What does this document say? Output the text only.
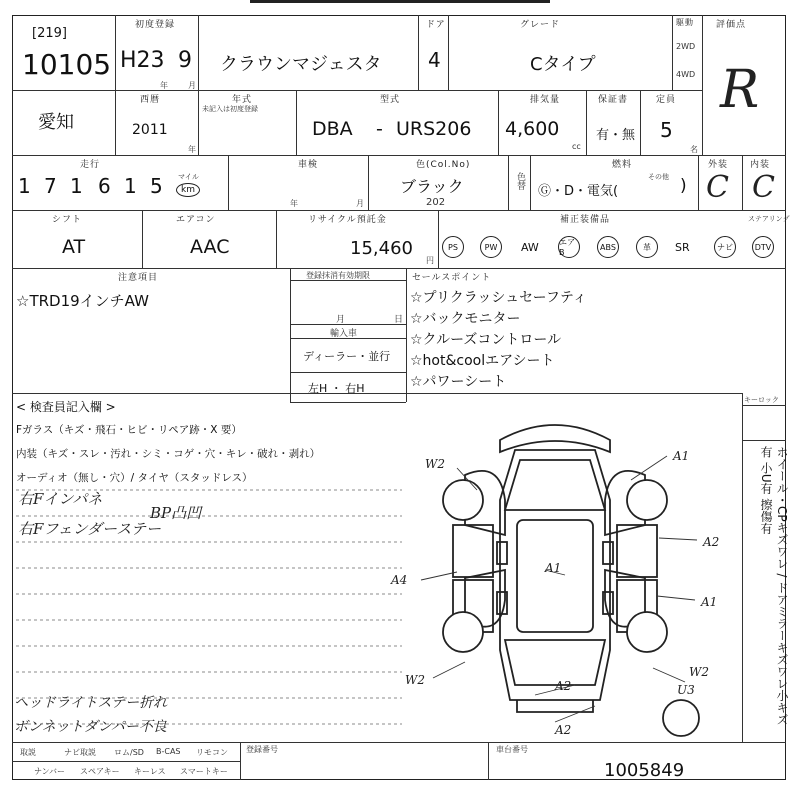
[219]
10105
初度登録
H23 9
年	月
クラウンマジェスタ
ドア
4
グレード
Cタイプ
駆動
2WD
4WD
評価点
R
愛知
西暦
2011
年
年式
未記入は初度登録
型式
DBA - URS206
排気量
4,600
cc
保証書
有・無
定員
5
名
走行
1 7 1 6 1 5 マイル
km
車検
年	月
色(Col.No)
ブラック
202
色替
燃料
Ⓖ・D・電気(
その他 )
外装
C
内装
C
シフト
AT
エアコン
AAC
リサイクル預託金
15,460
円
補正装備品	ステアリング
PS	PW	AW	エアB
ABS	革	SR	ナビ	DTV
注意項目
☆TRD19インチAW
登録抹消有効期限
月	日
輸入車
ディーラー・並行
左H ・ 右H
セールスポイント
☆プリクラッシュセーフティ
☆バックモニター
☆クルーズコントロール
☆hot&coolエアシート
☆パワーシート
< 検査員記入欄 >
Fガラス（キズ・飛石・ヒビ・リペア跡・X 要）
内装（キズ・スレ・汚れ・シミ・コゲ・穴・キレ・破れ・剥れ）
オーディオ（無し・穴）/ タイヤ（スタッドレス）
右Fインパネ
右Fフェンダーステー
BP凸凹
ヘッドライトステー折れ
ボンネットダンパー不良
キーロック
ホイール・CPキズワレ / ドアミラーキズワレ小キズ有 小U有 擦傷有
W2
A1
A2
A1
A4
W2
W2
U3
A2
A2
A1
取説	ナビ取説 ロム/SD B-CAS リモコン
ナンバー スペアキー キーレス スマートキー
登録番号	車台番号
1005849
